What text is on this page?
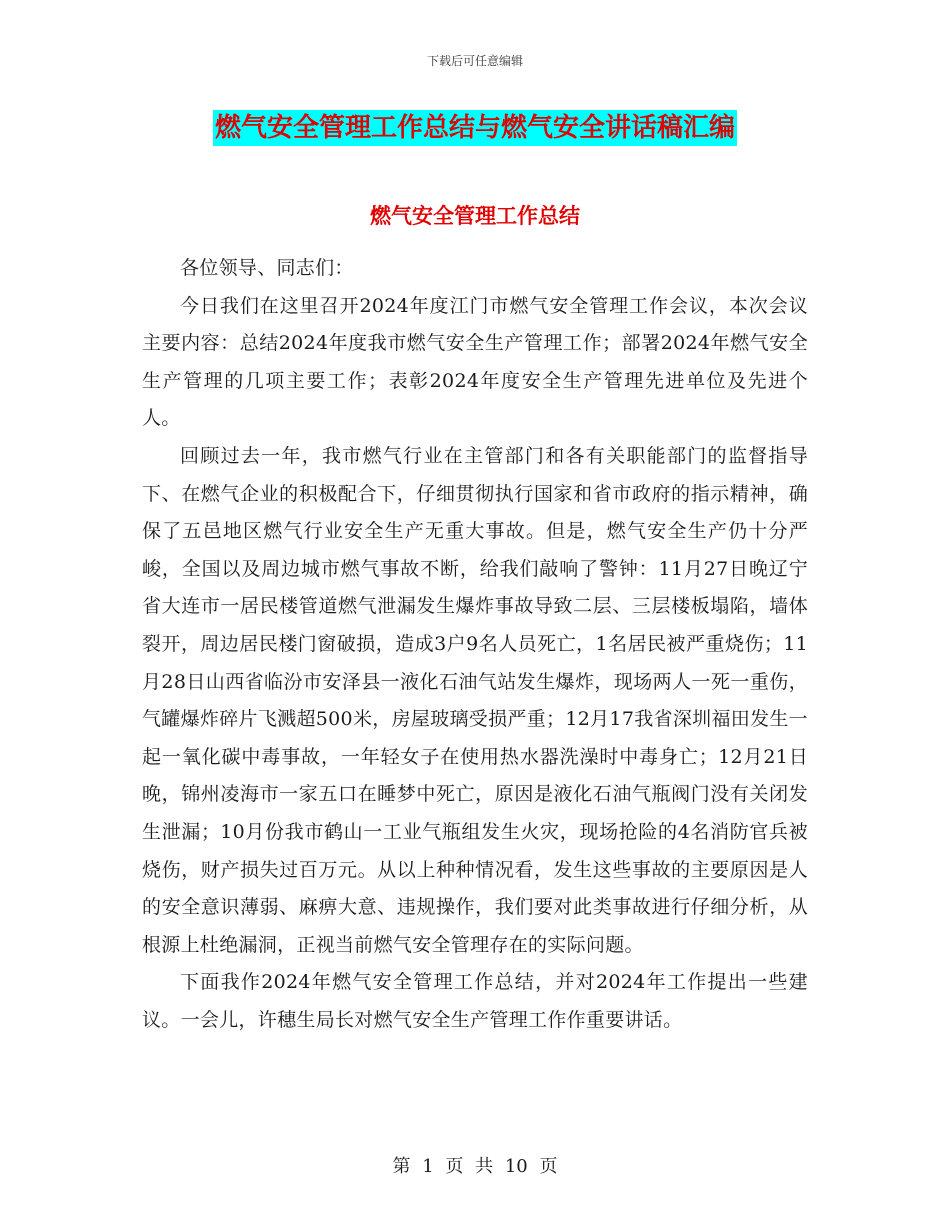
下载后可任意编辑
燃气安全管理工作总结与燃气安全讲话稿汇编
燃气安全管理工作总结

各位领导、同志们：

今日我们在这里召开2024年度江门市燃气安全管理工作会议，本次会议主要内容：总结2024年度我市燃气安全生产管理工作；部署2024年燃气安全生产管理的几项主要工作；表彰2024年度安全生产管理先进单位及先进个人。

回顾过去一年，我市燃气行业在主管部门和各有关职能部门的监督指导下、在燃气企业的积极配合下，仔细贯彻执行国家和省市政府的指示精神，确保了五邑地区燃气行业安全生产无重大事故。但是，燃气安全生产仍十分严峻，全国以及周边城市燃气事故不断，给我们敲响了警钟：11月27日晚辽宁省大连市一居民楼管道燃气泄漏发生爆炸事故导致二层、三层楼板塌陷，墙体裂开，周边居民楼门窗破损，造成3户9名人员死亡，1名居民被严重烧伤；11月28日山西省临汾市安泽县一液化石油气站发生爆炸，现场两人一死一重伤，气罐爆炸碎片飞溅超500米，房屋玻璃受损严重；12月17我省深圳福田发生一起一氧化碳中毒事故，一年轻女子在使用热水器洗澡时中毒身亡；12月21日晚，锦州凌海市一家五口在睡梦中死亡，原因是液化石油气瓶阀门没有关闭发生泄漏；10月份我市鹤山一工业气瓶组发生火灾，现场抢险的4名消防官兵被烧伤，财产损失过百万元。从以上种种情况看，发生这些事故的主要原因是人的安全意识薄弱、麻痹大意、违规操作，我们要对此类事故进行仔细分析，从根源上杜绝漏洞，正视当前燃气安全管理存在的实际问题。

下面我作2024年燃气安全管理工作总结，并对2024年工作提出一些建议。一会儿，许穗生局长对燃气安全生产管理工作作重要讲话。

第 1 页 共 10 页
